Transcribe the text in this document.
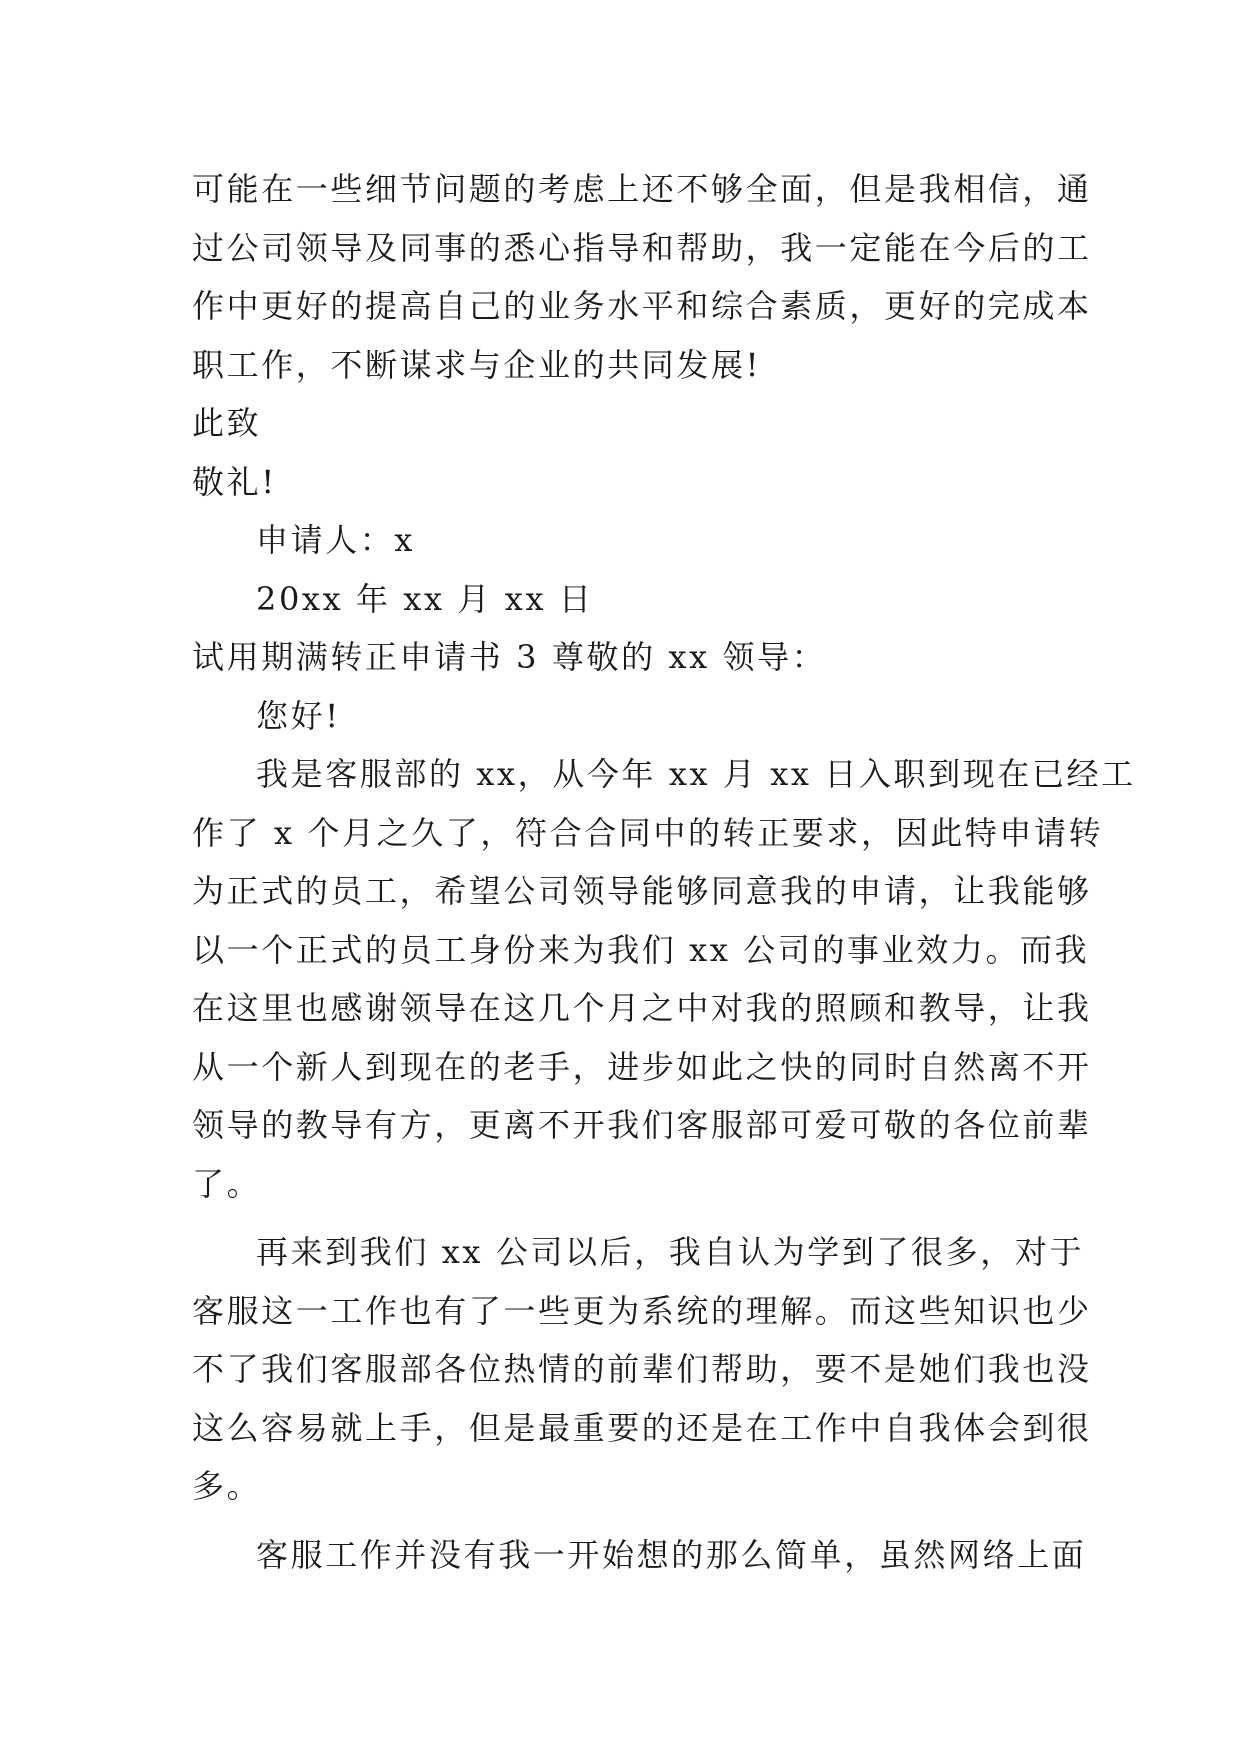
可能在一些细节问题的考虑上还不够全面，但是我相信，通
过公司领导及同事的悉心指导和帮助，我一定能在今后的工
作中更好的提高自己的业务水平和综合素质，更好的完成本
职工作，不断谋求与企业的共同发展!
此致
敬礼!
申请人：x
20xx 年 xx 月 xx 日
试用期满转正申请书 3 尊敬的 xx 领导：
您好!
我是客服部的 xx，从今年 xx 月 xx 日入职到现在已经工
作了 x 个月之久了，符合合同中的转正要求，因此特申请转
为正式的员工，希望公司领导能够同意我的申请，让我能够
以一个正式的员工身份来为我们 xx 公司的事业效力。而我
在这里也感谢领导在这几个月之中对我的照顾和教导，让我
从一个新人到现在的老手，进步如此之快的同时自然离不开
领导的教导有方，更离不开我们客服部可爱可敬的各位前辈
了。
再来到我们 xx 公司以后，我自认为学到了很多，对于
客服这一工作也有了一些更为系统的理解。而这些知识也少
不了我们客服部各位热情的前辈们帮助，要不是她们我也没
这么容易就上手，但是最重要的还是在工作中自我体会到很
多。
客服工作并没有我一开始想的那么简单，虽然网络上面
